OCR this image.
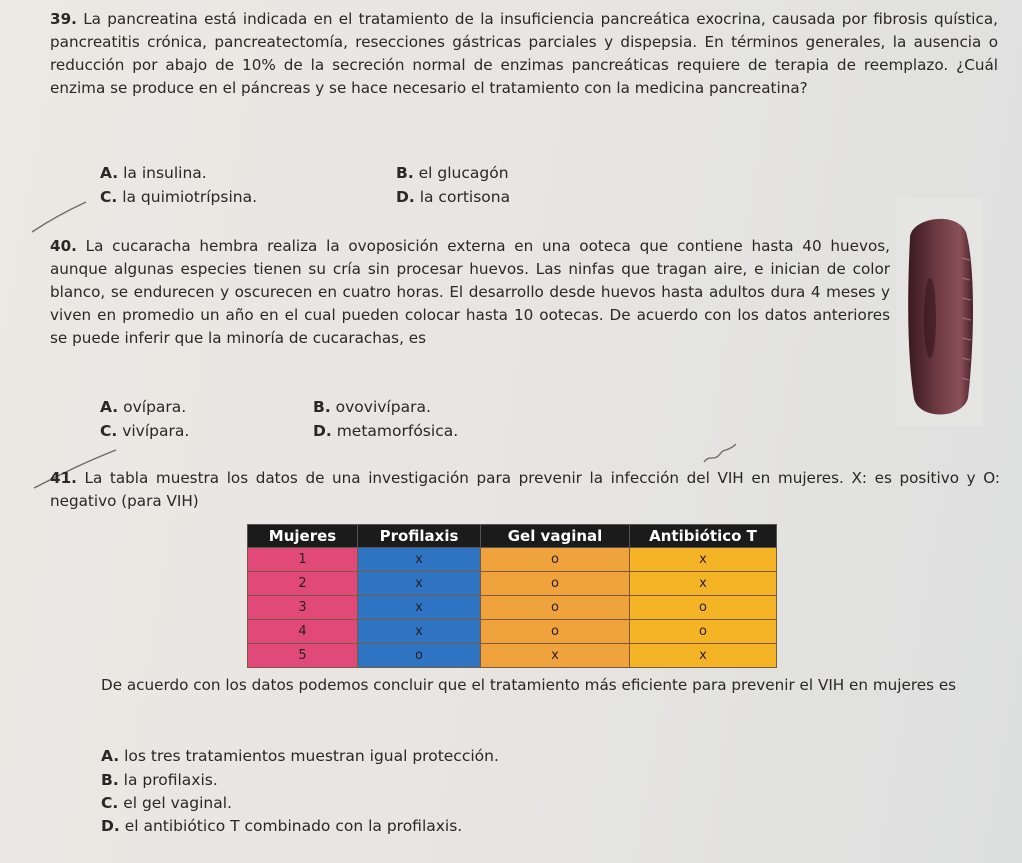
39. La pancreatina está indicada en el tratamiento de la insuficiencia pancreática exocrina, causada por fibrosis quística, pancreatitis crónica, pancreatectomía, resecciones gástricas parciales y dispepsia. En términos generales, la ausencia o reducción por abajo de 10% de la secreción normal de enzimas pancreáticas requiere de terapia de reemplazo. ¿Cuál enzima se produce en el páncreas y se hace necesario el tratamiento con la medicina pancreatina?

A. la insulina.	B. el glucagón
C. la quimiotrípsina.	D. la cortisona

40. La cucaracha hembra realiza la ovoposición externa en una ooteca que contiene hasta 40 huevos, aunque algunas especies tienen su cría sin procesar huevos. Las ninfas que tragan aire, e inician de color blanco, se endurecen y oscurecen en cuatro horas. El desarrollo desde huevos hasta adultos dura 4 meses y viven en promedio un año en el cual pueden colocar hasta 10 ootecas. De acuerdo con los datos anteriores se puede inferir que la minoría de cucarachas, es

A. ovípara.	B. ovovivípara.
C. vivípara.	D. metamorfósica.

41. La tabla muestra los datos de una investigación para prevenir la infección del VIH en mujeres. X: es positivo y O: negativo (para VIH)

Mujeres	Profilaxis	Gel vaginal	Antibiótico T
1	x	o	x
2	x	o	x
3	x	o	o
4	x	o	o
5	o	x	x

De acuerdo con los datos podemos concluir que el tratamiento más eficiente para prevenir el VIH en mujeres es

A. los tres tratamientos muestran igual protección.
B. la profilaxis.
C. el gel vaginal.
D. el antibiótico T combinado con la profilaxis.
